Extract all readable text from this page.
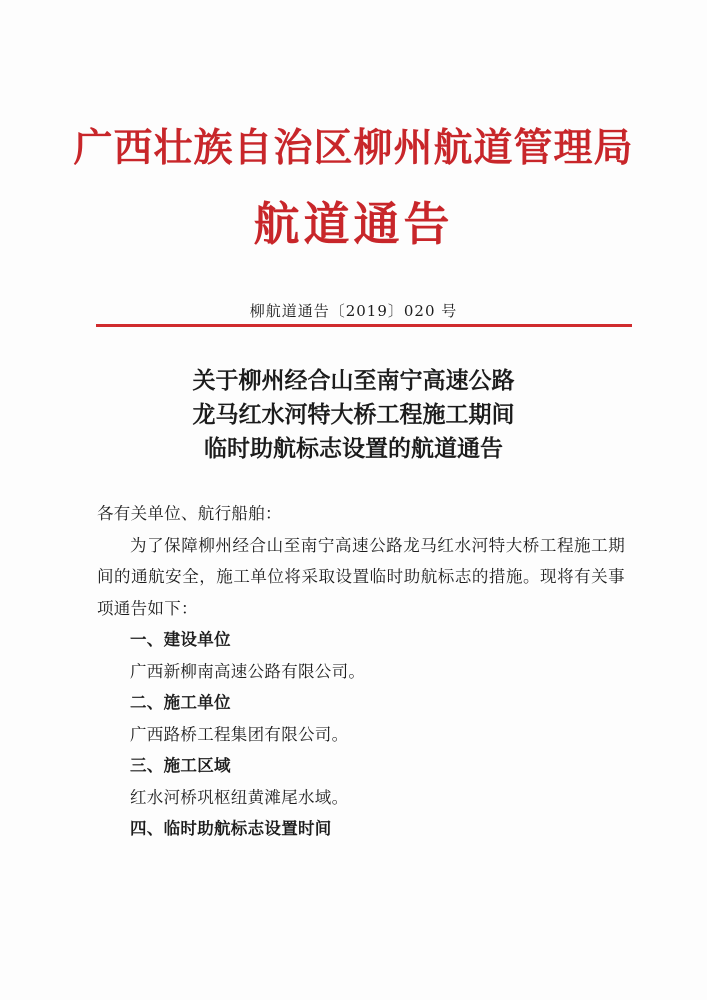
广西壮族自治区柳州航道管理局
航道通告
柳航道通告〔2019〕020 号
关于柳州经合山至南宁高速公路
龙马红水河特大桥工程施工期间
临时助航标志设置的航道通告

各有关单位、航行船舶：

为了保障柳州经合山至南宁高速公路龙马红水河特大桥工程施工期间的通航安全，施工单位将采取设置临时助航标志的措施。现将有关事项通告如下：

一、建设单位

广西新柳南高速公路有限公司。

二、施工单位

广西路桥工程集团有限公司。

三、施工区域

红水河桥巩枢纽黄滩尾水域。

四、临时助航标志设置时间
